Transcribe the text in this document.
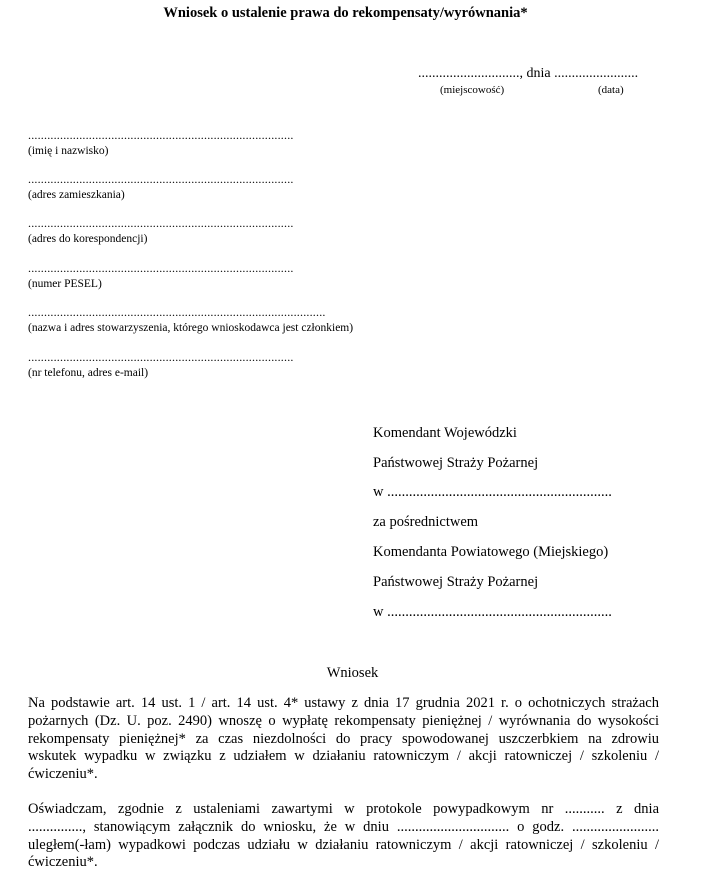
Wniosek o ustalenie prawa do rekompensaty/wyrównania*
............................., dnia ........................
(miejscowość)	(data)
...................................................................................
(imię i nazwisko)
...................................................................................
(adres zamieszkania)
...................................................................................
(adres do korespondencji)
...................................................................................
(numer PESEL)
.............................................................................................
(nazwa i adres stowarzyszenia, którego wnioskodawca jest członkiem)
...................................................................................
(nr telefonu, adres e-mail)
Komendant Wojewódzki
Państwowej Straży Pożarnej
w ..............................................................
za pośrednictwem
Komendanta Powiatowego (Miejskiego)
Państwowej Straży Pożarnej
w ..............................................................
Wniosek
Na podstawie art. 14 ust. 1 / art. 14 ust. 4* ustawy z dnia 17 grudnia 2021 r. o ochotniczych strażach
pożarnych (Dz. U. poz. 2490) wnoszę o wypłatę rekompensaty pieniężnej / wyrównania do wysokości
rekompensaty pieniężnej* za czas niezdolności do pracy spowodowanej uszczerbkiem na zdrowiu
wskutek wypadku w związku z udziałem w działaniu ratowniczym / akcji ratowniczej / szkoleniu /
ćwiczeniu*.
Oświadczam, zgodnie z ustaleniami zawartymi w protokole powypadkowym nr ........... z dnia
..............., stanowiącym załącznik do wniosku, że w dniu ............................... o godz. ........................
uległem(-łam) wypadkowi podczas udziału w działaniu ratowniczym / akcji ratowniczej / szkoleniu /
ćwiczeniu*.
